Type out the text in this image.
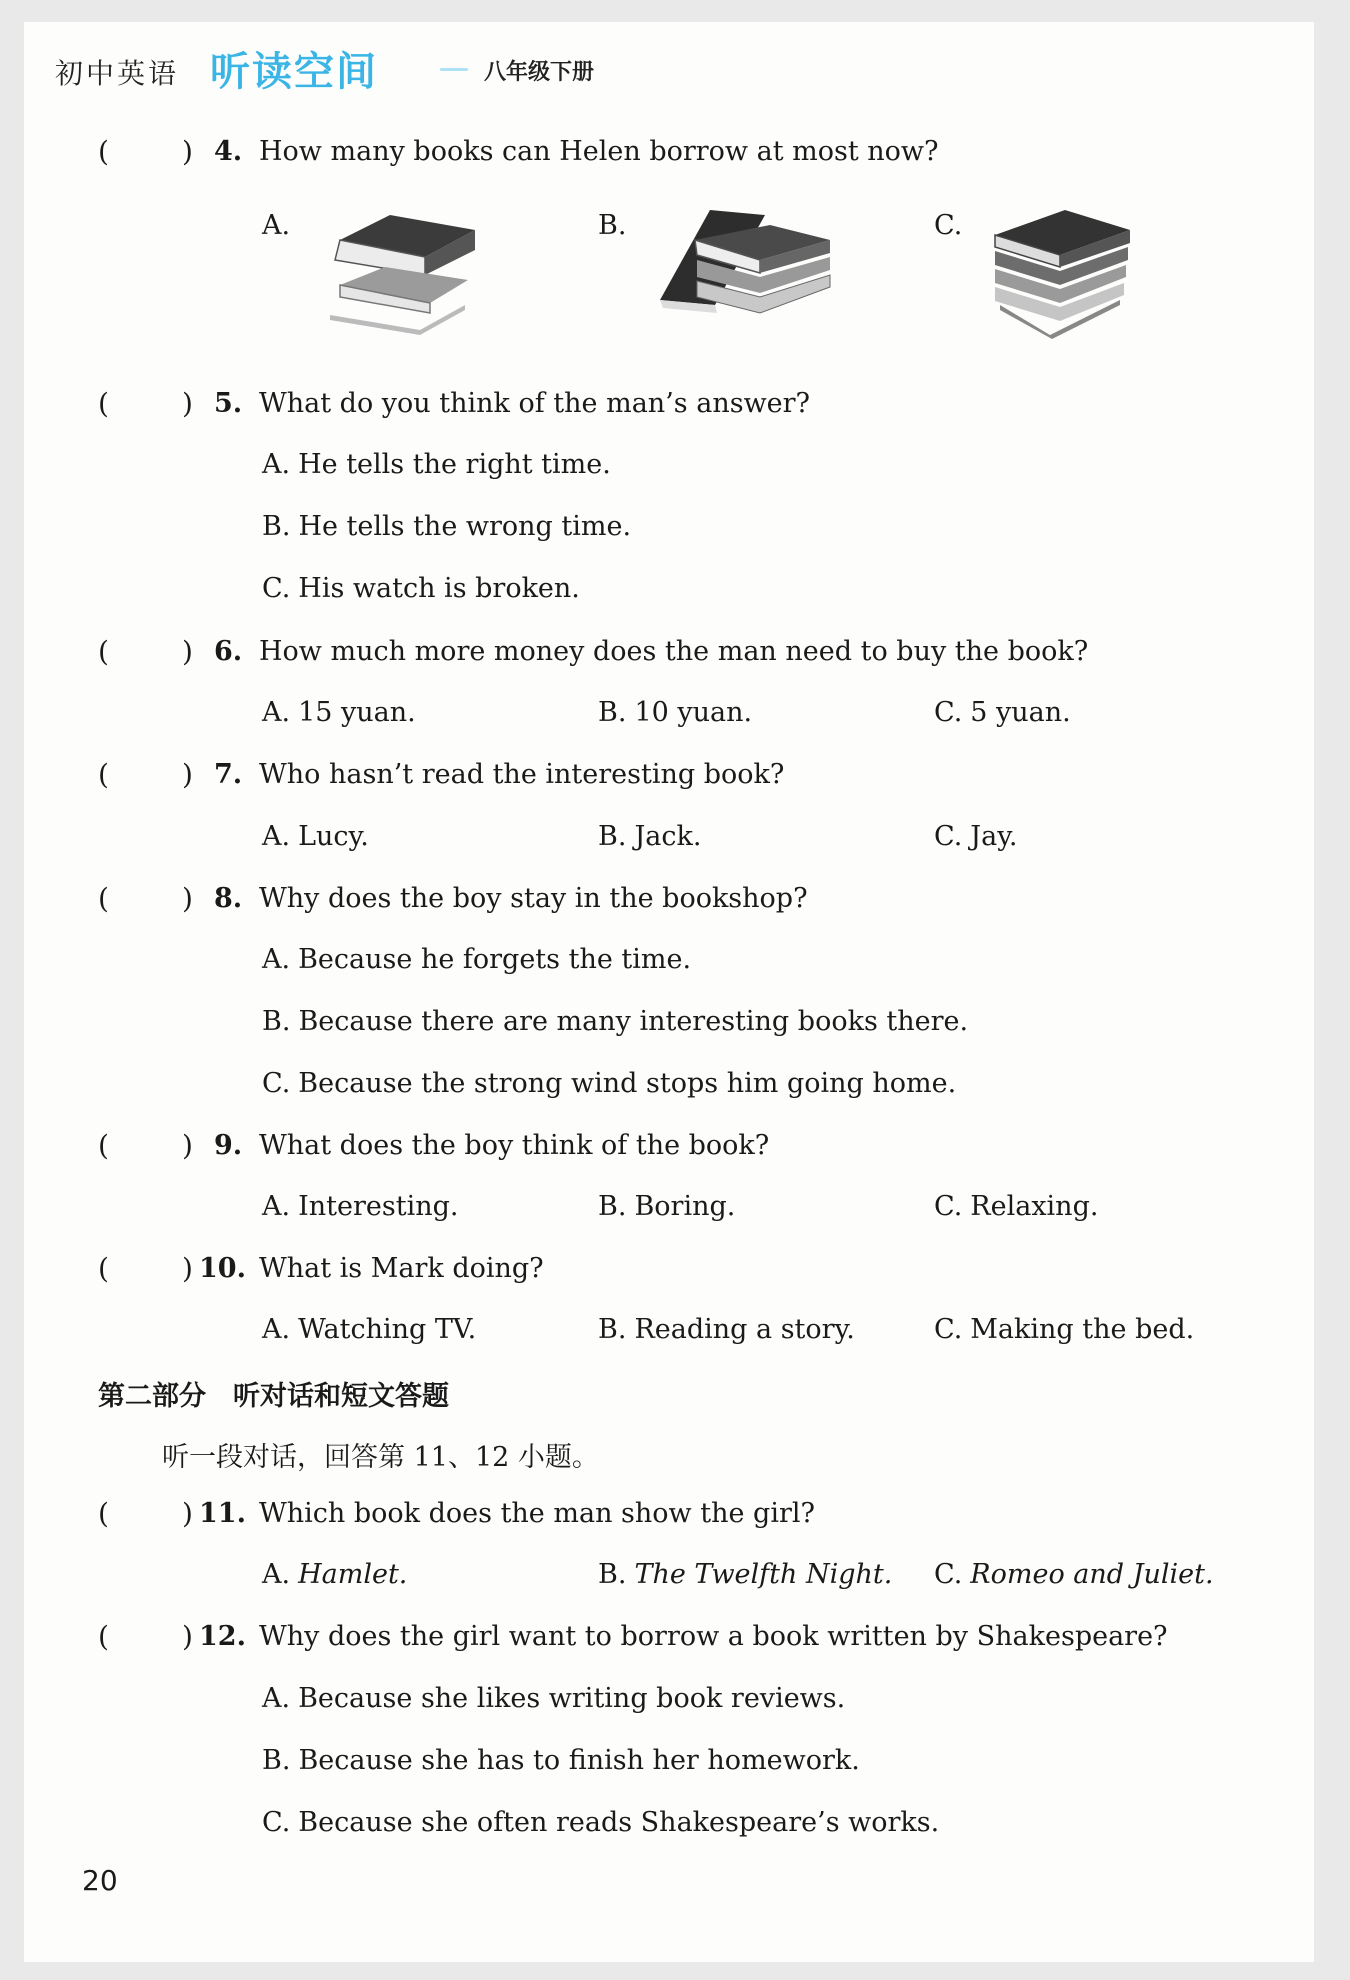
初中英语 听读空间	八年级下册
(	) 4. How many books can Helen borrow at most now?
A.	B.	C.
(	) 5. What do you think of the man’s answer?
A. He tells the right time.
B. He tells the wrong time.
C. His watch is broken.
(	) 6. How much more money does the man need to buy the book?
A. 15 yuan.	B. 10 yuan.	C. 5 yuan.
(	) 7. Who hasn’t read the interesting book?
A. Lucy.	B. Jack.	C. Jay.
(	) 8. Why does the boy stay in the bookshop?
A. Because he forgets the time.
B. Because there are many interesting books there.
C. Because the strong wind stops him going home.
(	) 9. What does the boy think of the book?
A. Interesting.	B. Boring.	C. Relaxing.
(	) 10. What is Mark doing?
A. Watching TV.	B. Reading a story.	C. Making the bed.
第二部分　听对话和短文答题
听一段对话，回答第 11、12 小题。
(	) 11. Which book does the man show the girl?
A. Hamlet.	B. The Twelfth Night. C. Romeo and Juliet.
(	) 12. Why does the girl want to borrow a book written by Shakespeare?
A. Because she likes writing book reviews.
B. Because she has to finish her homework.
C. Because she often reads Shakespeare’s works.
20
